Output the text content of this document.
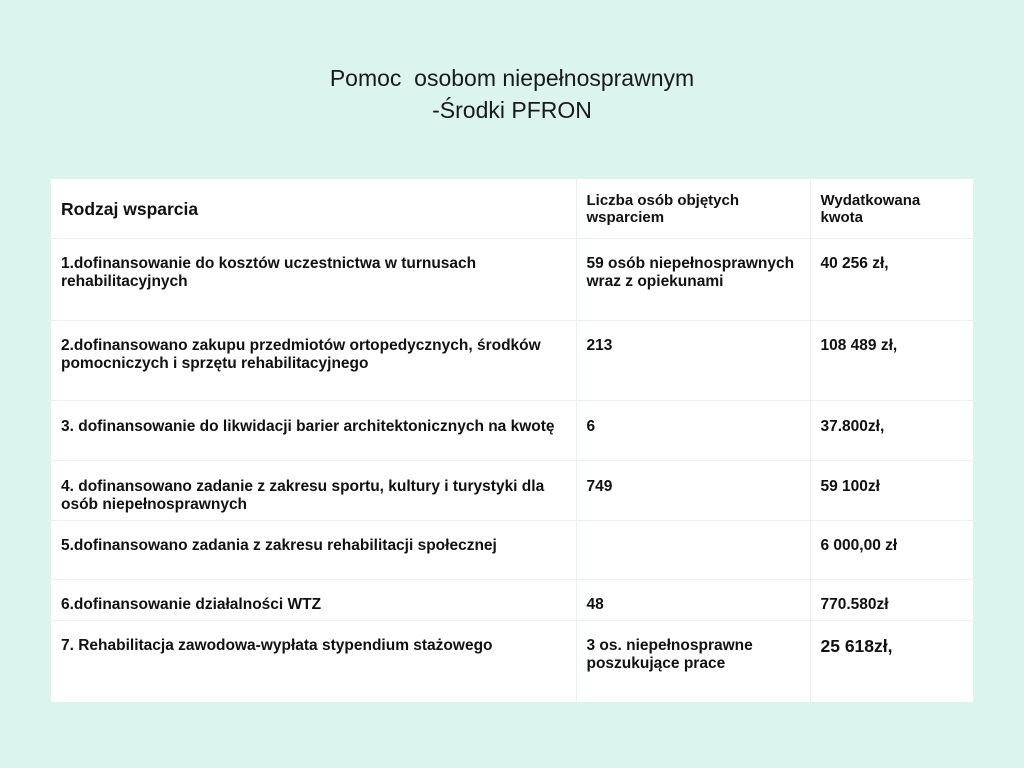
Pomoc  osobom niepełnosprawnym
-Środki PFRON
Rodzaj wsparcia	Liczba osób objętych wsparciem	Wydatkowana kwota
1.dofinansowanie do kosztów uczestnictwa w turnusach rehabilitacyjnych	59 osób niepełnosprawnych wraz z opiekunami	40 256 zł,
2.dofinansowano zakupu przedmiotów ortopedycznych, środków pomocniczych i sprzętu rehabilitacyjnego	213	108 489 zł,
3. dofinansowanie do likwidacji barier architektonicznych na kwotę	6	37.800zł,
4. dofinansowano zadanie z zakresu sportu, kultury i turystyki dla osób niepełnosprawnych	749	59 100zł
5.dofinansowano zadania z zakresu rehabilitacji społecznej		6 000,00 zł
6.dofinansowanie działalności WTZ	48	770.580zł
7. Rehabilitacja zawodowa-wypłata stypendium stażowego	3 os. niepełnosprawne poszukujące prace	25 618zł,
